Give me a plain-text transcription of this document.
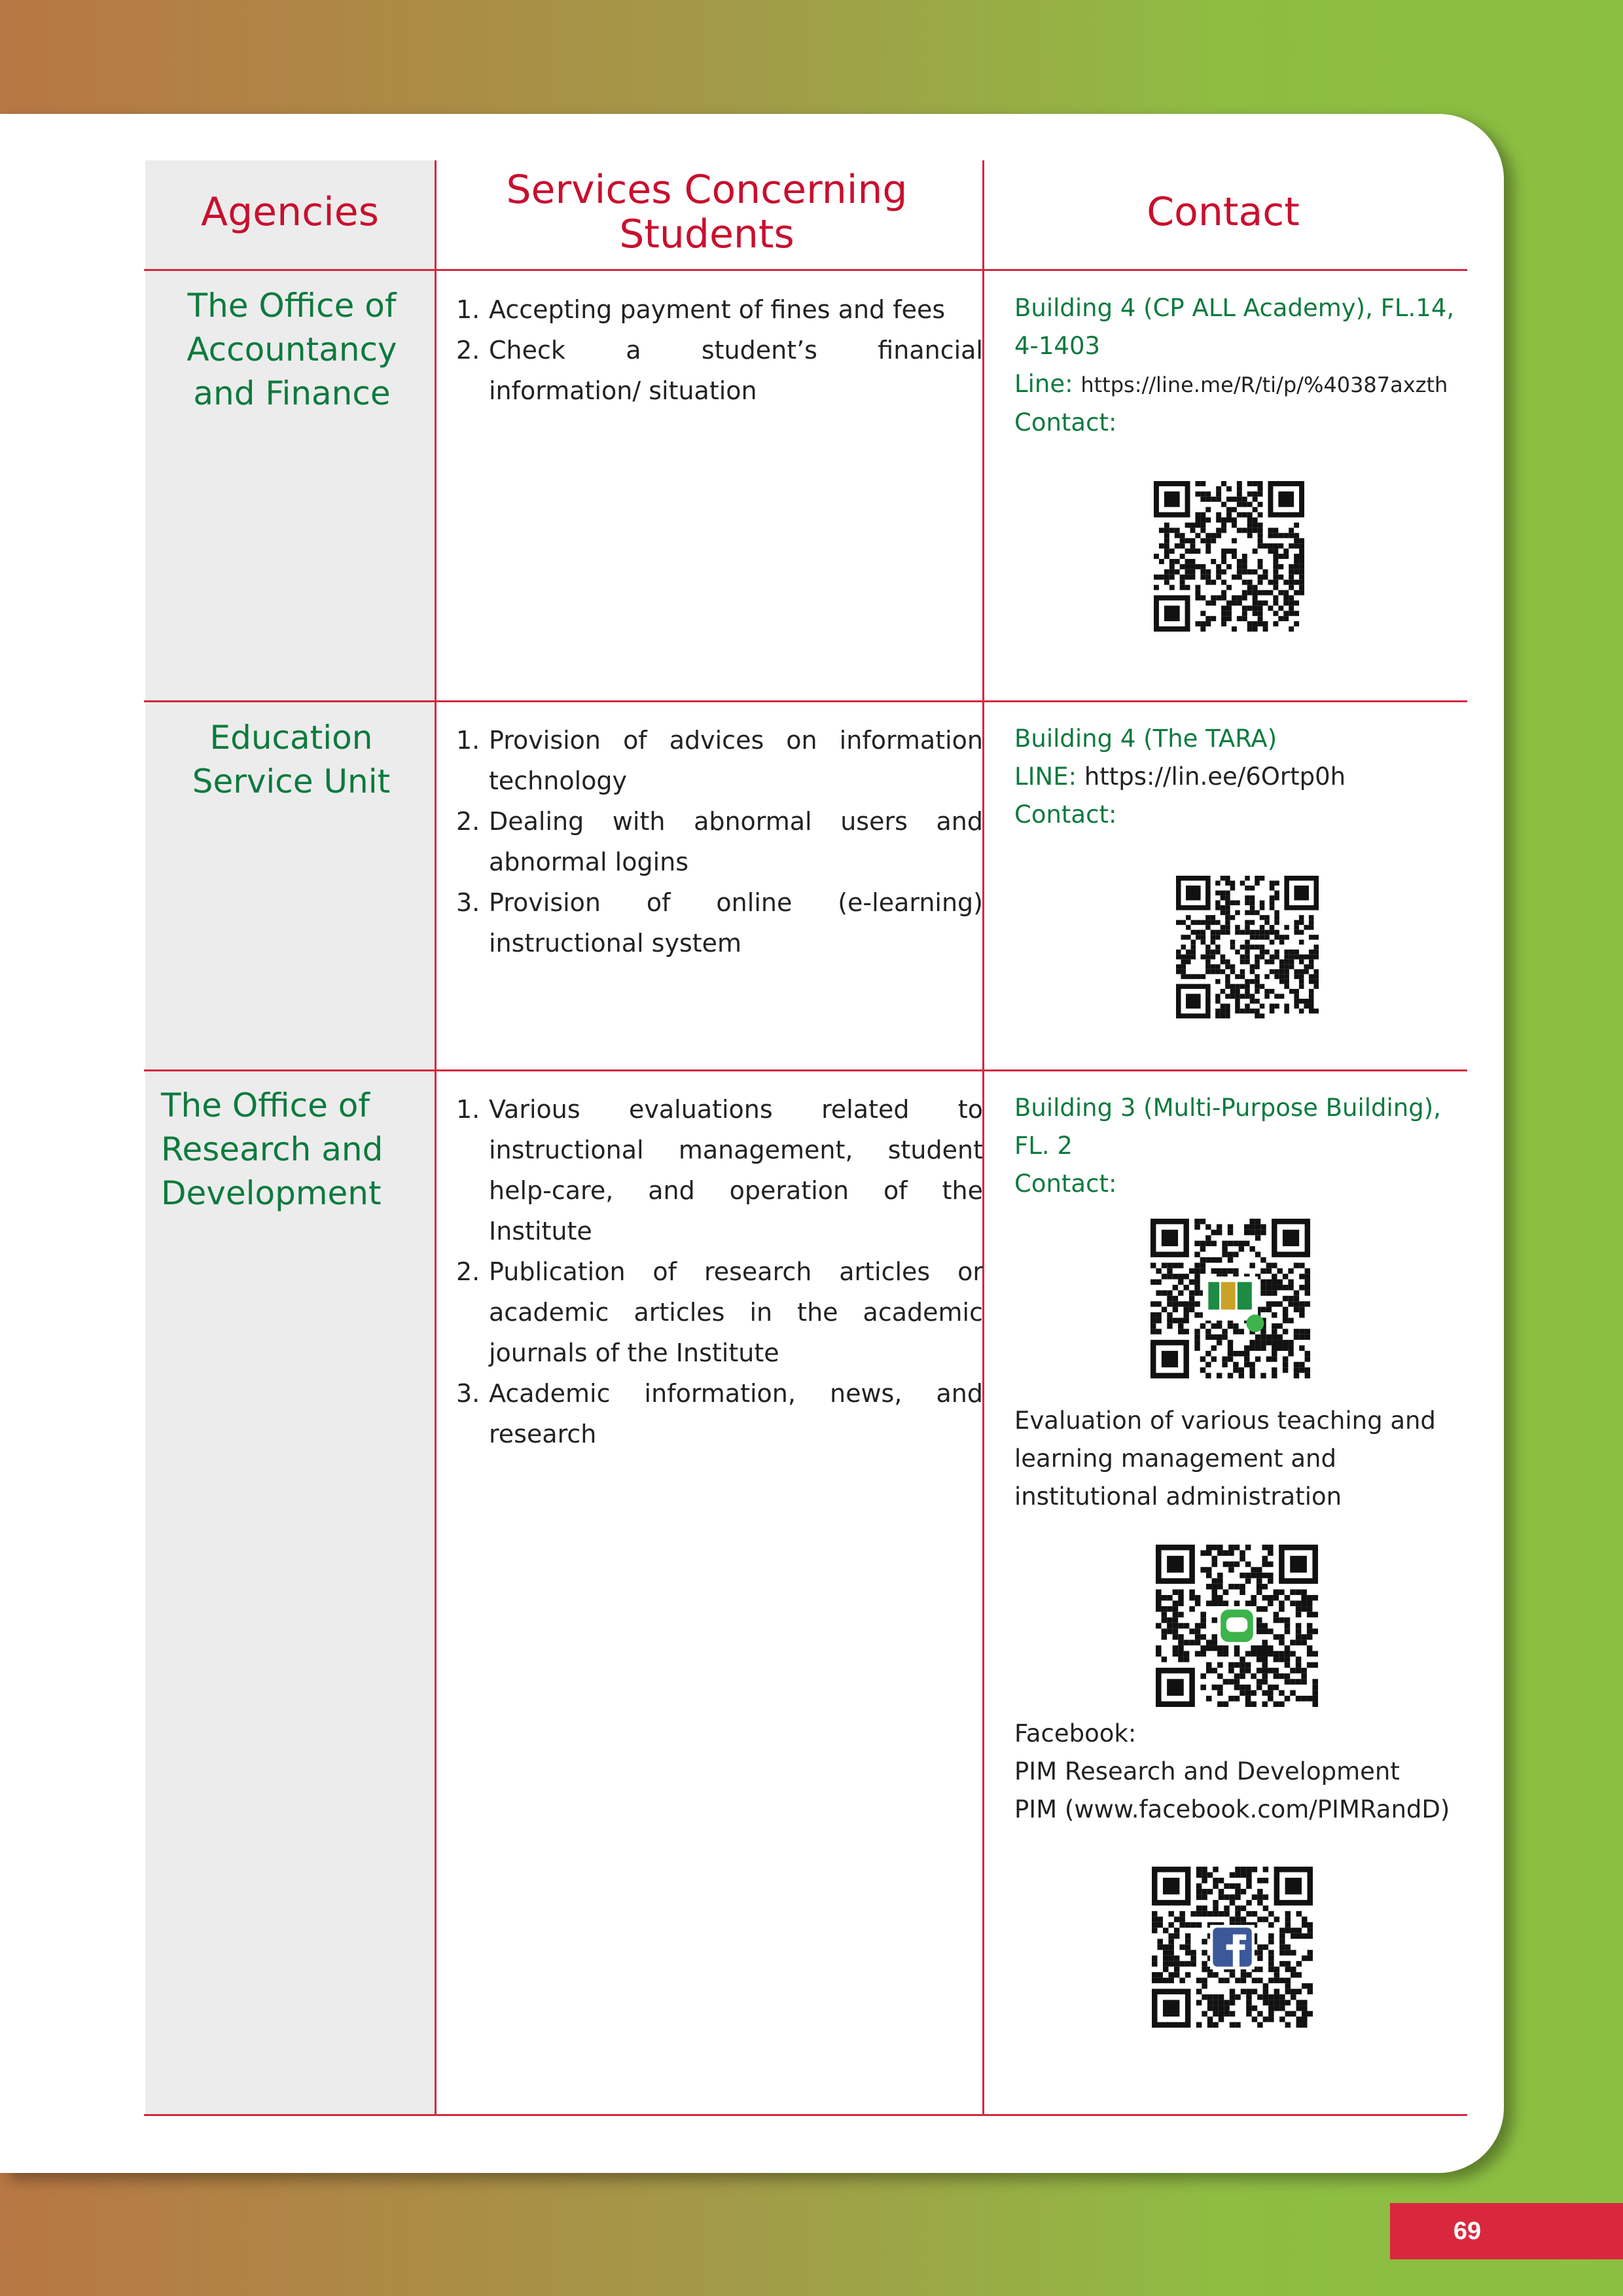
Agencies	Services Concerning Students	Contact
The Office of Accountancy and Finance
1. Accepting payment of fines and fees
2. Check a student’s financial information/ situation
Building 4 (CP ALL Academy), FL.14, 4-1403
Line: https://line.me/R/ti/p/%40387axzth
Contact:
Education Service Unit
1. Provision of advices on information technology
2. Dealing with abnormal users and abnormal logins
3. Provision of online (e-learning) instructional system
Building 4 (The TARA)
LINE: https://lin.ee/6Ortp0h
Contact:
The Office of Research and Development
1. Various evaluations related to instructional management, student help-care, and operation of the Institute
2. Publication of research articles or academic articles in the academic journals of the Institute
3. Academic information, news, and research
Building 3 (Multi-Purpose Building), FL. 2
Contact:
Evaluation of various teaching and learning management and institutional administration
Facebook:
PIM Research and Development
PIM (www.facebook.com/PIMRandD)
69
